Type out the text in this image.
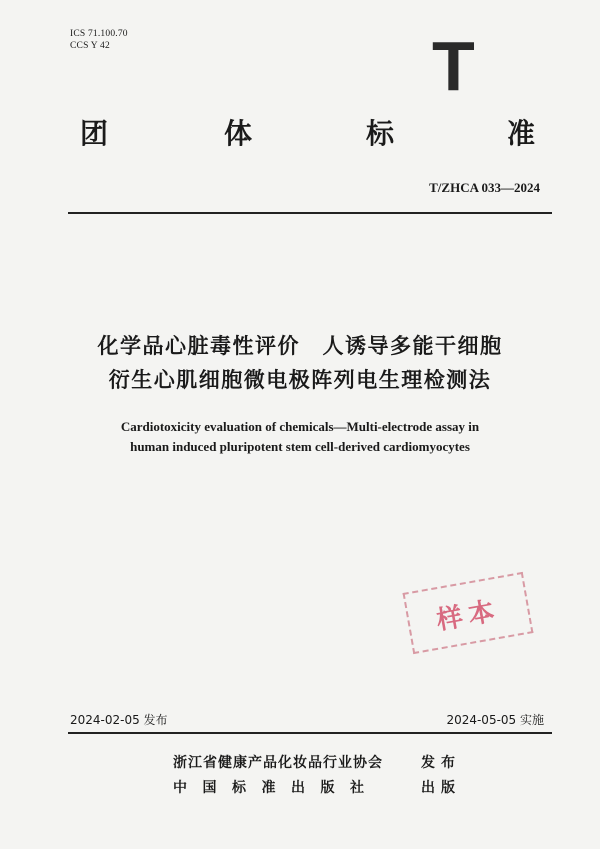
ICS 71.100.70
CCS Y 42	T
团	体	标	准
T/ZHCA 033—2024
化学品心脏毒性评价　人诱导多能干细胞
衍生心肌细胞微电极阵列电生理检测法
Cardiotoxicity evaluation of chemicals—Multi-electrode assay in
human induced pluripotent stem cell-derived cardiomyocytes
样本
2024-02-05 发布	2024-05-05 实施
浙江省健康产品化妆品行业协会	发布
中国标准出版社	出版
